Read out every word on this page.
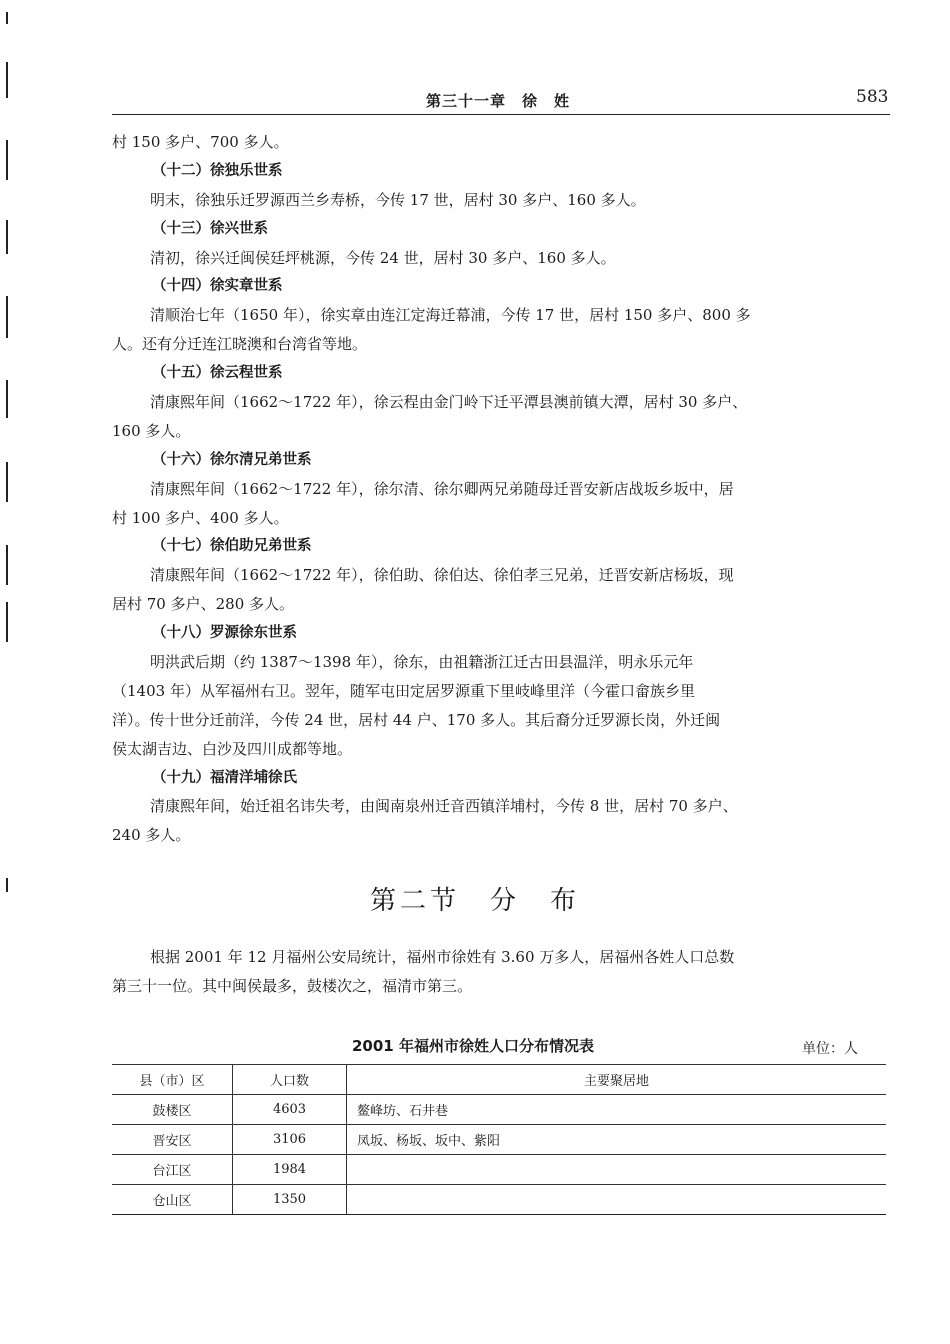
第三十一章　徐　姓	583
村 150 多户、700 多人。
（十二）徐独乐世系
明末，徐独乐迁罗源西兰乡寿桥，今传 17 世，居村 30 多户、160 多人。
（十三）徐兴世系
清初，徐兴迁闽侯廷坪桃源，今传 24 世，居村 30 多户、160 多人。
（十四）徐实章世系
清顺治七年（1650 年），徐实章由连江定海迁幕浦，今传 17 世，居村 150 多户、800 多
人。还有分迁连江晓澳和台湾省等地。
（十五）徐云程世系
清康熙年间（1662～1722 年），徐云程由金门岭下迁平潭县澳前镇大潭，居村 30 多户、
160 多人。
（十六）徐尔清兄弟世系
清康熙年间（1662～1722 年），徐尔清、徐尔卿两兄弟随母迁晋安新店战坂乡坂中，居
村 100 多户、400 多人。
（十七）徐伯助兄弟世系
清康熙年间（1662～1722 年），徐伯助、徐伯达、徐伯孝三兄弟，迁晋安新店杨坂，现
居村 70 多户、280 多人。
（十八）罗源徐东世系
明洪武后期（约 1387～1398 年），徐东，由祖籍浙江迁古田县温洋，明永乐元年
（1403 年）从军福州右卫。翌年，随军屯田定居罗源重下里岐峰里洋（今霍口畲族乡里
洋）。传十世分迁前洋，今传 24 世，居村 44 户、170 多人。其后裔分迁罗源长岗，外迁闽
侯太湖吉边、白沙及四川成都等地。
（十九）福清洋埔徐氏
清康熙年间，始迁祖名讳失考，由闽南泉州迁音西镇洋埔村，今传 8 世，居村 70 多户、
240 多人。
第二节　分　布
根据 2001 年 12 月福州公安局统计，福州市徐姓有 3.60 万多人，居福州各姓人口总数
第三十一位。其中闽侯最多，鼓楼次之，福清市第三。
2001 年福州市徐姓人口分布情况表	单位：人
县（市）区	人口数	主要聚居地
鼓楼区	4603	鳌峰坊、石井巷
晋安区	3106	凤坂、杨坂、坂中、紫阳
台江区	1984	
仓山区	1350	
